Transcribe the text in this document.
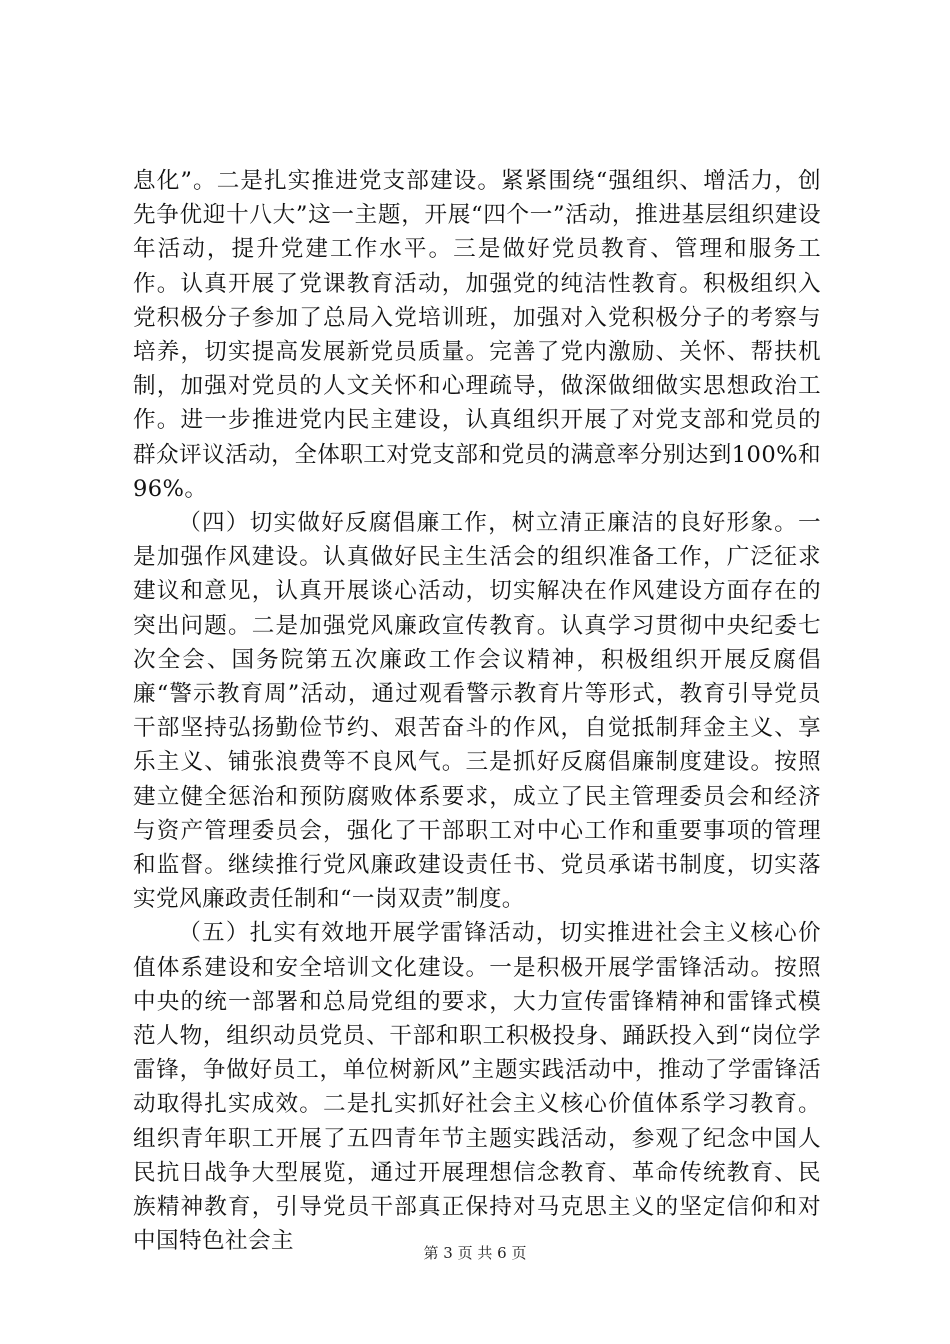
息化”。二是扎实推进党支部建设。紧紧围绕“强组织、增活力，创先争优迎十八大”这一主题，开展“四个一”活动，推进基层组织建设年活动，提升党建工作水平。三是做好党员教育、管理和服务工作。认真开展了党课教育活动，加强党的纯洁性教育。积极组织入党积极分子参加了总局入党培训班，加强对入党积极分子的考察与培养，切实提高发展新党员质量。完善了党内激励、关怀、帮扶机制，加强对党员的人文关怀和心理疏导，做深做细做实思想政治工作。进一步推进党内民主建设，认真组织开展了对党支部和党员的群众评议活动，全体职工对党支部和党员的满意率分别达到100%和96%。

（四）切实做好反腐倡廉工作，树立清正廉洁的良好形象。一是加强作风建设。认真做好民主生活会的组织准备工作，广泛征求建议和意见，认真开展谈心活动，切实解决在作风建设方面存在的突出问题。二是加强党风廉政宣传教育。认真学习贯彻中央纪委七次全会、国务院第五次廉政工作会议精神，积极组织开展反腐倡廉“警示教育周”活动，通过观看警示教育片等形式，教育引导党员干部坚持弘扬勤俭节约、艰苦奋斗的作风，自觉抵制拜金主义、享乐主义、铺张浪费等不良风气。三是抓好反腐倡廉制度建设。按照建立健全惩治和预防腐败体系要求，成立了民主管理委员会和经济与资产管理委员会，强化了干部职工对中心工作和重要事项的管理和监督。继续推行党风廉政建设责任书、党员承诺书制度，切实落实党风廉政责任制和“一岗双责”制度。

（五）扎实有效地开展学雷锋活动，切实推进社会主义核心价值体系建设和安全培训文化建设。一是积极开展学雷锋活动。按照中央的统一部署和总局党组的要求，大力宣传雷锋精神和雷锋式模范人物，组织动员党员、干部和职工积极投身、踊跃投入到“岗位学雷锋，争做好员工，单位树新风”主题实践活动中，推动了学雷锋活动取得扎实成效。二是扎实抓好社会主义核心价值体系学习教育。组织青年职工开展了五四青年节主题实践活动，参观了纪念中国人民抗日战争大型展览，通过开展理想信念教育、革命传统教育、民族精神教育，引导党员干部真正保持对马克思主义的坚定信仰和对中国特色社会主	第 3 页 共 6 页
